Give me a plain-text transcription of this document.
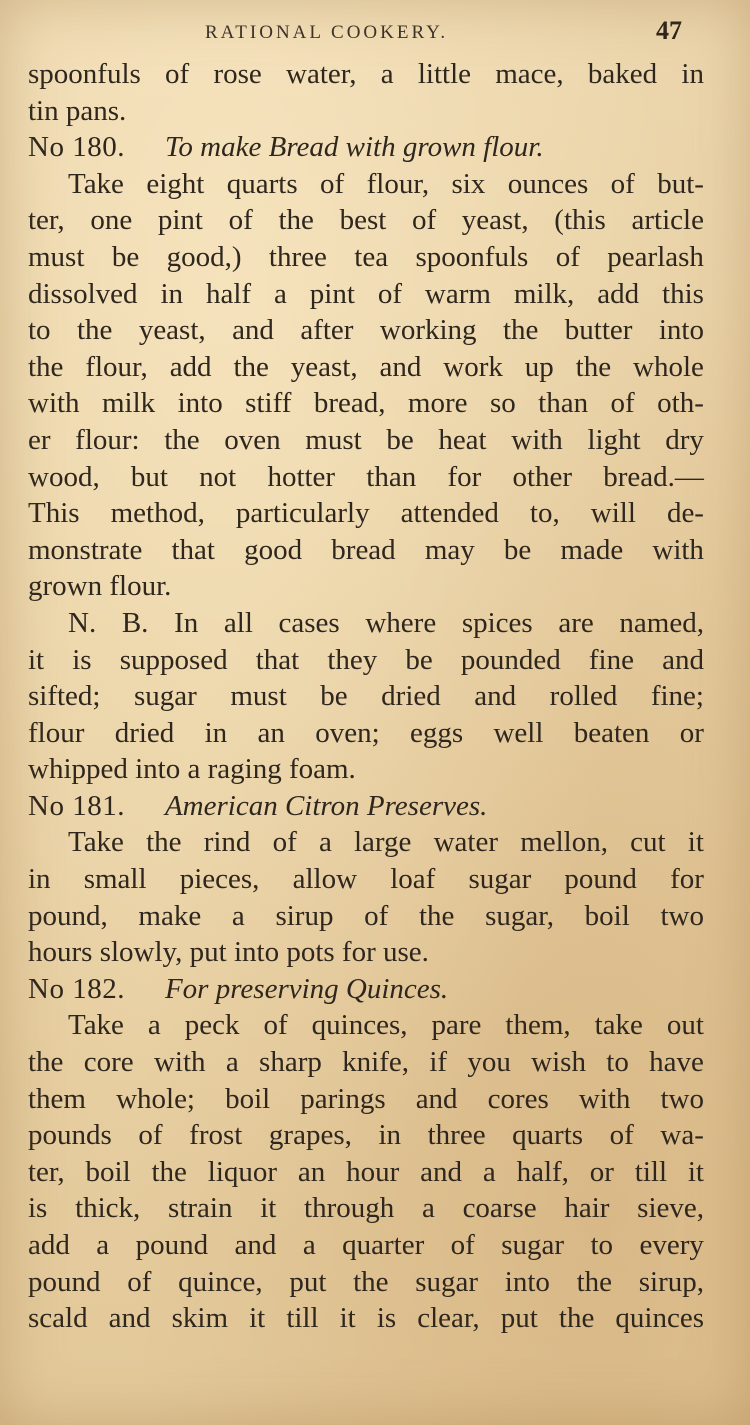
RATIONAL COOKERY.	47
spoonfuls of rose water, a little mace, baked in
tin pans.
No 180. To make Bread with grown flour.
Take eight quarts of flour, six ounces of but-
ter, one pint of the best of yeast, (this article
must be good,) three tea spoonfuls of pearlash
dissolved in half a pint of warm milk, add this
to the yeast, and after working the butter into
the flour, add the yeast, and work up the whole
with milk into stiff bread, more so than of oth-
er flour: the oven must be heat with light dry
wood, but not hotter than for other bread.—
This method, particularly attended to, will de-
monstrate that good bread may be made with
grown flour.
N. B. In all cases where spices are named,
it is supposed that they be pounded fine and
sifted; sugar must be dried and rolled fine;
flour dried in an oven; eggs well beaten or
whipped into a raging foam.
No 181. American Citron Preserves.
Take the rind of a large water mellon, cut it
in small pieces, allow loaf sugar pound for
pound, make a sirup of the sugar, boil two
hours slowly, put into pots for use.
No 182. For preserving Quinces.
Take a peck of quinces, pare them, take out
the core with a sharp knife, if you wish to have
them whole; boil parings and cores with two
pounds of frost grapes, in three quarts of wa-
ter, boil the liquor an hour and a half, or till it
is thick, strain it through a coarse hair sieve,
add a pound and a quarter of sugar to every
pound of quince, put the sugar into the sirup,
scald and skim it till it is clear, put the quinces
